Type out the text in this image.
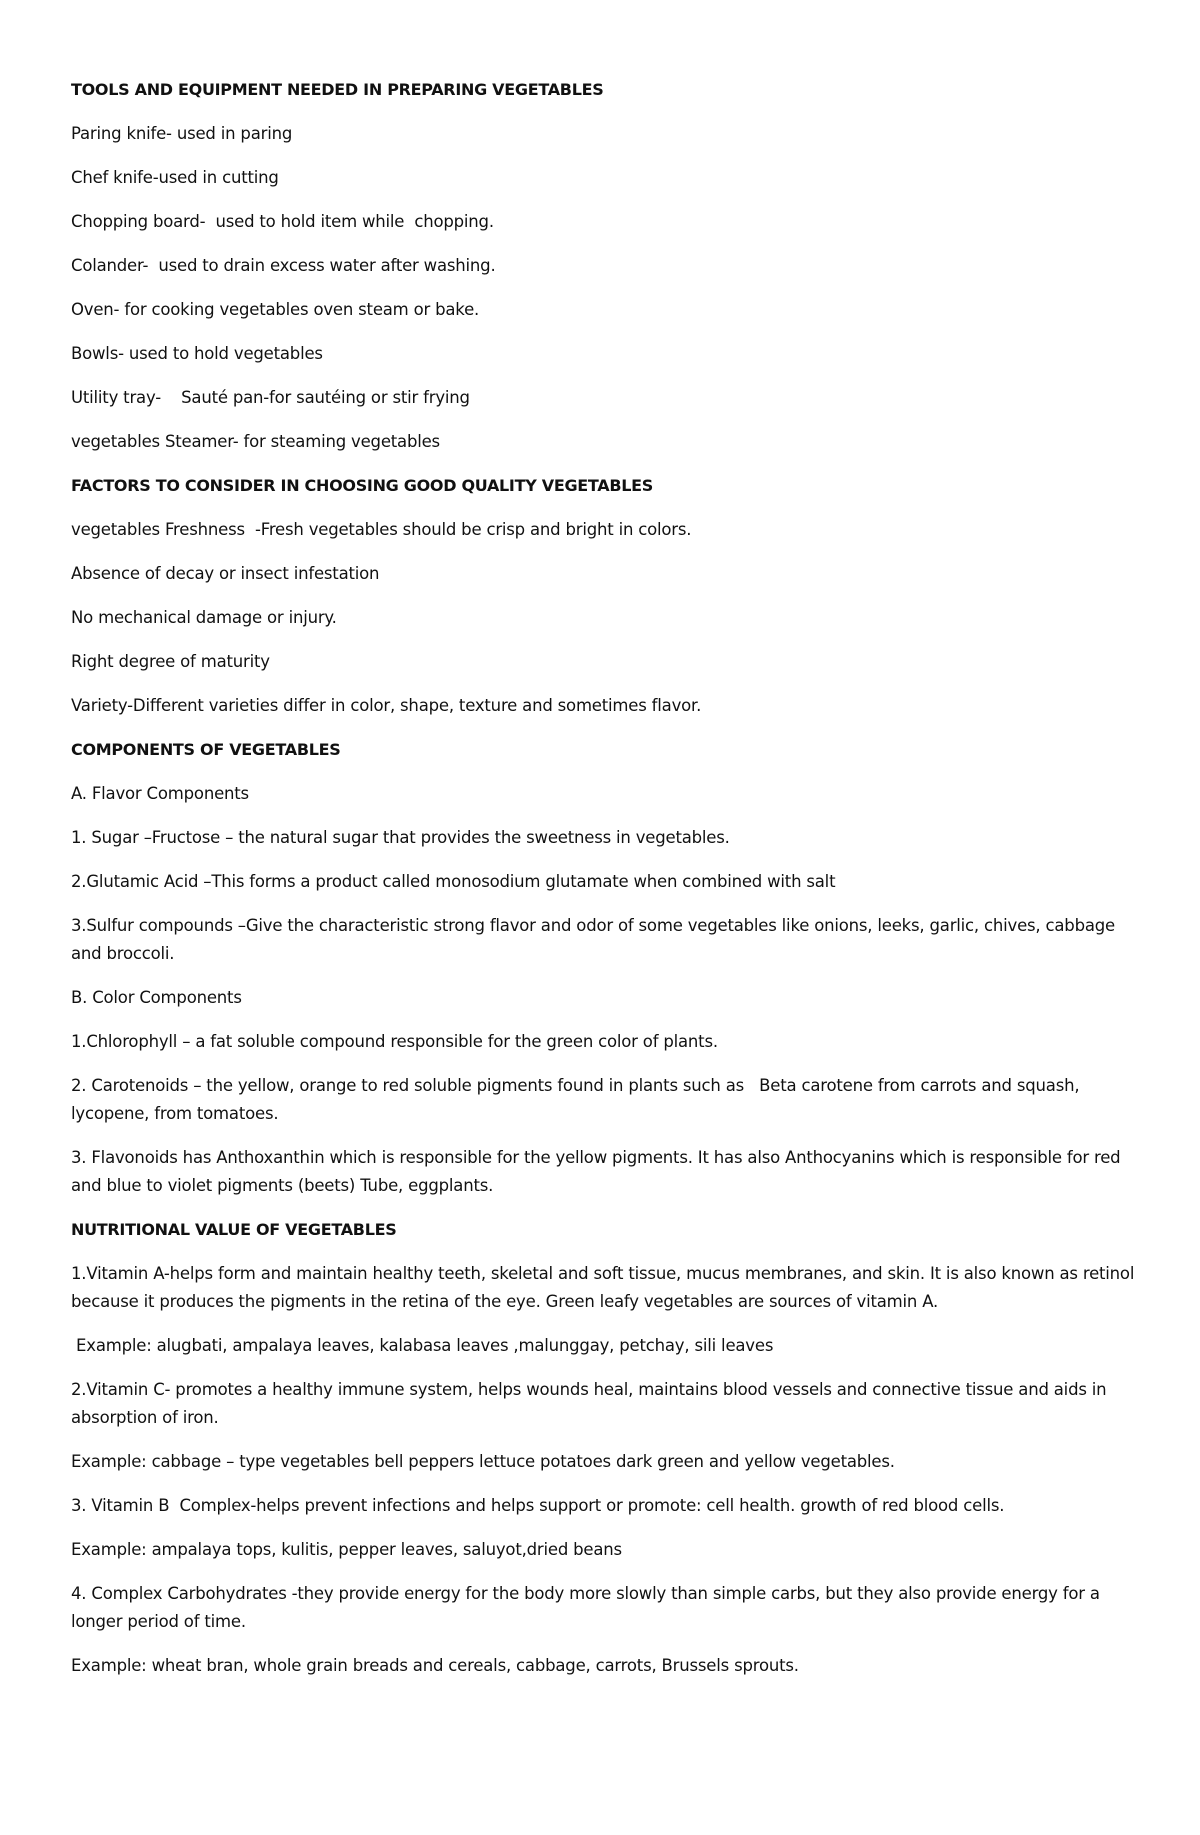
TOOLS AND EQUIPMENT NEEDED IN PREPARING VEGETABLES
Paring knife- used in paring
Chef knife-used in cutting
Chopping board-  used to hold item while  chopping.
Colander-  used to drain excess water after washing.
Oven- for cooking vegetables oven steam or bake.
Bowls- used to hold vegetables
Utility tray-    Sauté pan-for sautéing or stir frying
vegetables Steamer- for steaming vegetables
FACTORS TO CONSIDER IN CHOOSING GOOD QUALITY VEGETABLES
vegetables Freshness  -Fresh vegetables should be crisp and bright in colors.
Absence of decay or insect infestation
No mechanical damage or injury.
Right degree of maturity
Variety-Different varieties differ in color, shape, texture and sometimes flavor.
COMPONENTS OF VEGETABLES
A. Flavor Components
1. Sugar –Fructose – the natural sugar that provides the sweetness in vegetables.
2.Glutamic Acid –This forms a product called monosodium glutamate when combined with salt
3.Sulfur compounds –Give the characteristic strong flavor and odor of some vegetables like onions, leeks, garlic, chives, cabbage and broccoli.
B. Color Components
1.Chlorophyll – a fat soluble compound responsible for the green color of plants.
2. Carotenoids – the yellow, orange to red soluble pigments found in plants such as   Beta carotene from carrots and squash, lycopene, from tomatoes.
3. Flavonoids has Anthoxanthin which is responsible for the yellow pigments. It has also Anthocyanins which is responsible for red and blue to violet pigments (beets) Tube, eggplants.
NUTRITIONAL VALUE OF VEGETABLES
1.Vitamin A-helps form and maintain healthy teeth, skeletal and soft tissue, mucus membranes, and skin. It is also known as retinol because it produces the pigments in the retina of the eye. Green leafy vegetables are sources of vitamin A.
Example: alugbati, ampalaya leaves, kalabasa leaves ,malunggay, petchay, sili leaves
2.Vitamin C- promotes a healthy immune system, helps wounds heal, maintains blood vessels and connective tissue and aids in absorption of iron.
Example: cabbage – type vegetables bell peppers lettuce potatoes dark green and yellow vegetables.
3. Vitamin B  Complex-helps prevent infections and helps support or promote: cell health. growth of red blood cells.
Example: ampalaya tops, kulitis, pepper leaves, saluyot,dried beans
4. Complex Carbohydrates -they provide energy for the body more slowly than simple carbs, but they also provide energy for a longer period of time.
Example: wheat bran, whole grain breads and cereals, cabbage, carrots, Brussels sprouts.
